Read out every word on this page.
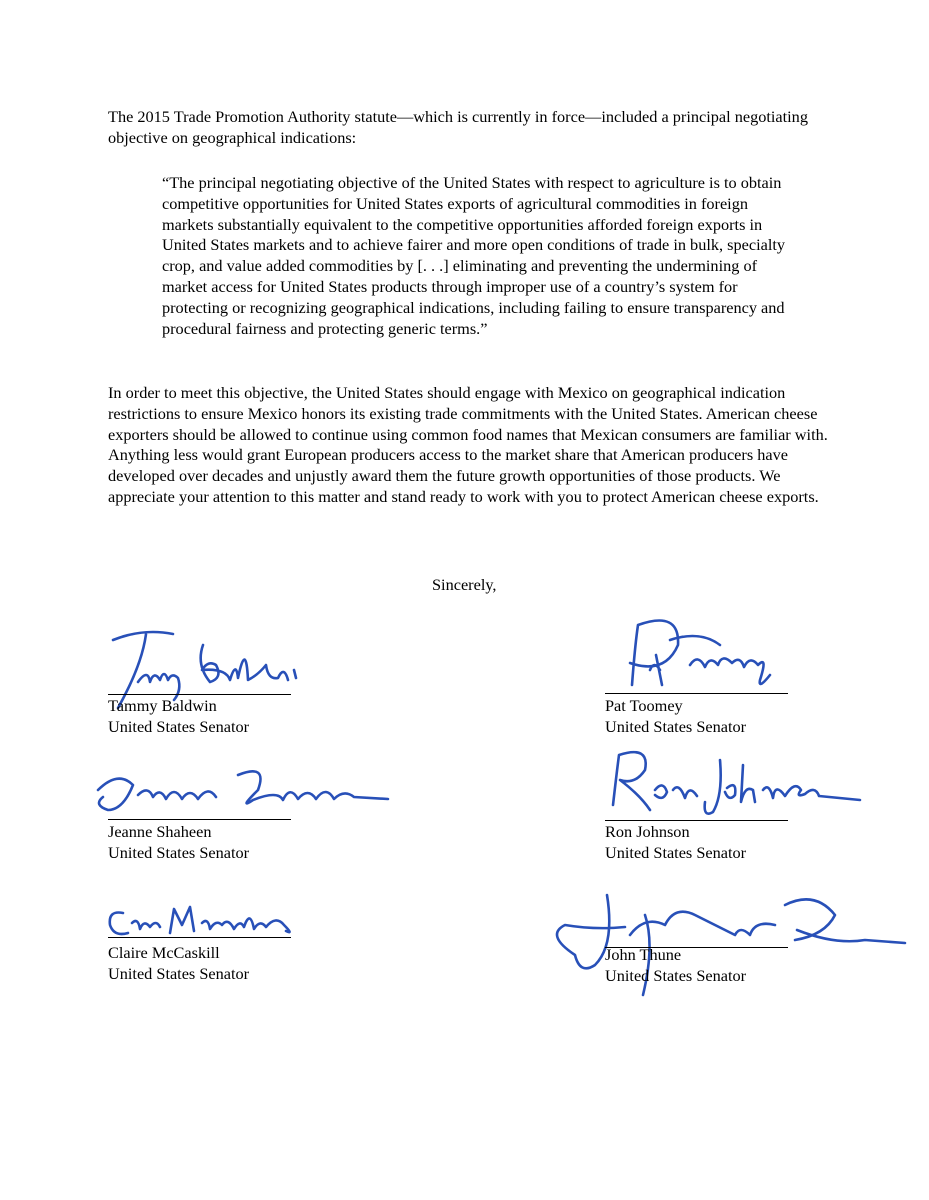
The 2015 Trade Promotion Authority statute—which is currently in force—included a principal negotiating objective on geographical indications:

“The principal negotiating objective of the United States with respect to agriculture is to obtain competitive opportunities for United States exports of agricultural commodities in foreign markets substantially equivalent to the competitive opportunities afforded foreign exports in United States markets and to achieve fairer and more open conditions of trade in bulk, specialty crop, and value added commodities by [. . .] eliminating and preventing the undermining of market access for United States products through improper use of a country’s system for protecting or recognizing geographical indications, including failing to ensure transparency and procedural fairness and protecting generic terms.”

In order to meet this objective, the United States should engage with Mexico on geographical indication restrictions to ensure Mexico honors its existing trade commitments with the United States. American cheese exporters should be allowed to continue using common food names that Mexican consumers are familiar with. Anything less would grant European producers access to the market share that American producers have developed over decades and unjustly award them the future growth opportunities of those products. We appreciate your attention to this matter and stand ready to work with you to protect American cheese exports.

Sincerely,

Tammy Baldwin
United States Senator
Pat Toomey
United States Senator
Jeanne Shaheen
United States Senator
Ron Johnson
United States Senator
Claire McCaskill
United States Senator
John Thune
United States Senator
